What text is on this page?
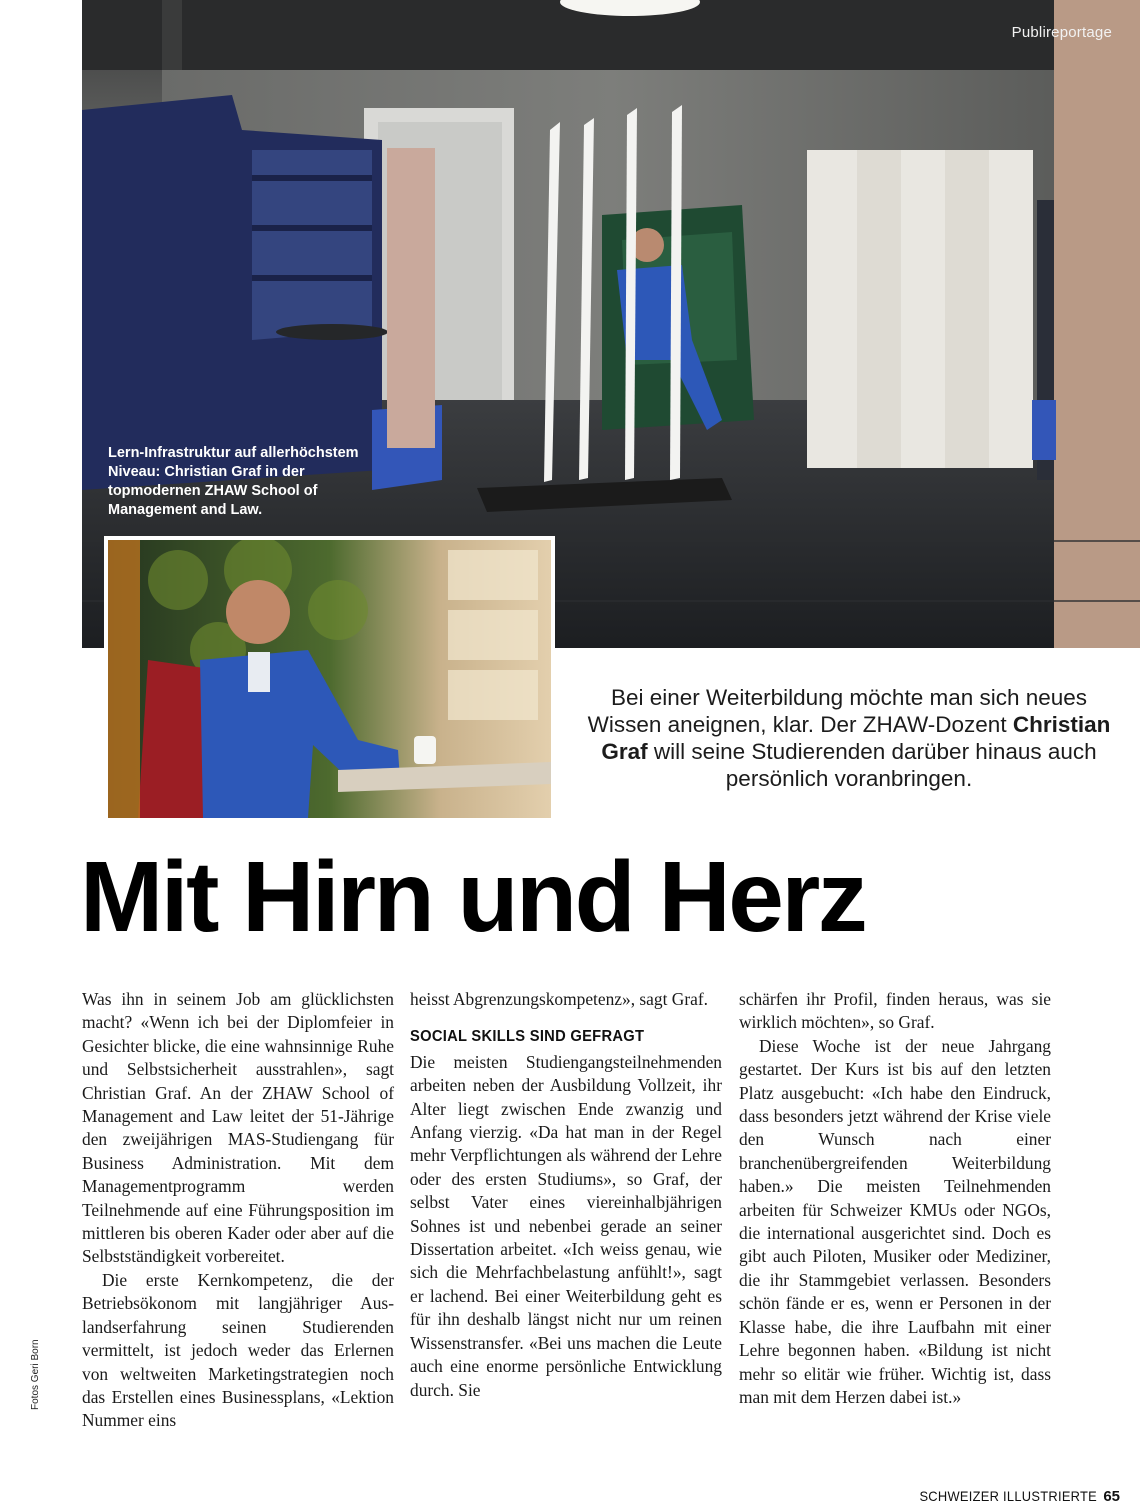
Publireportage

Lern-Infrastruktur auf allerhöchstem Niveau: Christian Graf in der topmodernen ZHAW School of Management and Law.

Bei einer Weiterbildung möchte man sich neues Wissen aneignen, klar. Der ZHAW-Dozent Christian Graf will seine Studierenden darüber hinaus auch persönlich voranbringen.

Mit Hirn und Herz

Was ihn in seinem Job am glücklichsten macht? «Wenn ich bei der Diplomfeier in Gesichter blicke, die eine wahnsinnige Ruhe und Selbstsicherheit ausstrahlen», sagt Christian Graf. An der ZHAW School of Management and Law leitet der 51-Jährige den zweijährigen MAS-Studiengang für Business Administration. Mit dem Managementprogramm werden Teilnehmende auf eine Führungsposition im mittleren bis oberen Kader oder aber auf die Selbstständigkeit vorbereitet.

Die erste Kernkompetenz, die der Betriebsökonom mit langjähriger Auslandserfahrung seinen Studierenden vermittelt, ist jedoch weder das Erlernen von weltweiten Marketingstrategien noch das Erstellen eines Businessplans, «Lektion Nummer eins

heisst Abgrenzungskompetenz», sagt Graf.

SOCIAL SKILLS SIND GEFRAGT

Die meisten Studiengangsteilnehmenden arbeiten neben der Ausbildung Vollzeit, ihr Alter liegt zwischen Ende zwanzig und Anfang vierzig. «Da hat man in der Regel mehr Verpflichtungen als während der Lehre oder des ersten Studiums», so Graf, der selbst Vater eines viereinhalbjährigen Sohnes ist und nebenbei gerade an seiner Dissertation arbeitet. «Ich weiss genau, wie sich die Mehrfachbelastung anfühlt!», sagt er lachend. Bei einer Weiterbildung geht es für ihn deshalb längst nicht nur um reinen Wissenstransfer. «Bei uns machen die Leute auch eine enorme persönliche Entwicklung durch. Sie

schärfen ihr Profil, finden heraus, was sie wirklich möchten», so Graf.

Diese Woche ist der neue Jahrgang gestartet. Der Kurs ist bis auf den letzten Platz ausgebucht: «Ich habe den Eindruck, dass besonders jetzt während der Krise viele den Wunsch nach einer branchenübergreifenden Weiterbildung haben.» Die meisten Teilnehmenden arbeiten für Schweizer KMUs oder NGOs, die international ausgerichtet sind. Doch es gibt auch Piloten, Musiker oder Mediziner, die ihr Stammgebiet verlassen. Besonders schön fände er es, wenn er Personen in der Klasse habe, die ihre Laufbahn mit einer Lehre begonnen haben. «Bildung ist nicht mehr so elitär wie früher. Wichtig ist, dass man mit dem Herzen dabei ist.»

Fotos Geri Born
SCHWEIZER ILLUSTRIERTE 65
